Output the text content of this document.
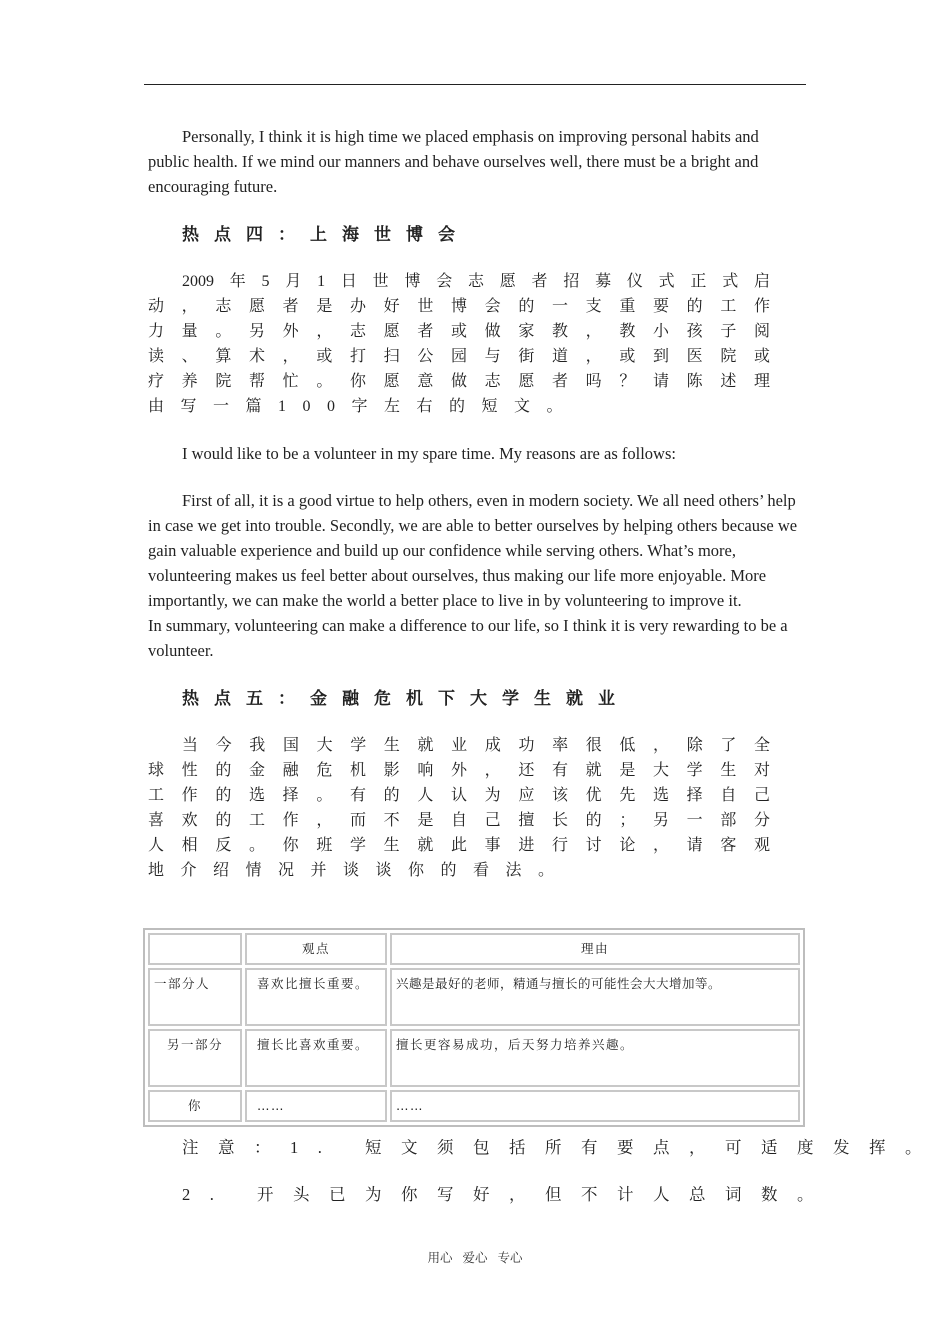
Personally, I think it is high time we placed emphasis on improving personal habits and public health. If we mind our manners and behave ourselves well, there must be a bright and encouraging future.

热点四：上海世博会

2009年5月1日世博会志愿者招募仪式正式启
动，志愿者是办好世博会的一支重要的工作
力量。另外，志愿者或做家教，教小孩子阅
读、算术，或打扫公园与街道，或到医院或
疗养院帮忙。你愿意做志愿者吗？请陈述理
由写一篇100字左右的短文。

I would like to be a volunteer in my spare time. My reasons are as follows:

First of all, it is a good virtue to help others, even in modern society. We all need others’ help in case we get into trouble. Secondly, we are able to better ourselves by helping others because we gain valuable experience and build up our confidence while serving others. What’s more, volunteering makes us feel better about ourselves, thus making our life more enjoyable. More importantly, we can make the world a better place to live in by volunteering to improve it.

In summary, volunteering can make a difference to our life, so I think it is very rewarding to be a volunteer.

热点五：金融危机下大学生就业

当今我国大学生就业成功率很低，除了全
球性的金融危机影响外，还有就是大学生对
工作的选择。有的人认为应该优先选择自己
喜欢的工作，而不是自己擅长的；另一部分
人相反。你班学生就此事进行讨论，请客观
地介绍情况并谈谈你的看法。
	观点	理由
一部分人	喜欢比擅长重要。	兴趣是最好的老师，精通与擅长的可能性会大大增加等。
另一部分	擅长比喜欢重要。	擅长更容易成功，后天努力培养兴趣。
你	……	……
注意：1. 短文须包括所有要点，可适度发挥。
2. 开头已为你写好，但不计人总词数。
用心 爱心 专心
